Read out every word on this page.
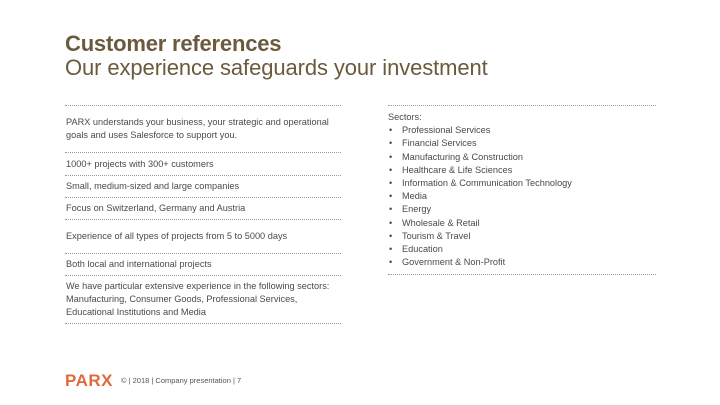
Customer references
Our experience safeguards your investment
PARX understands your business, your strategic and operational goals and uses Salesforce to support you.
1000+ projects with 300+ customers
Small, medium-sized and large companies
Focus on Switzerland, Germany and Austria
Experience of all types of projects from 5 to 5000 days
Both local and international projects
We have particular extensive experience in the following sectors: Manufacturing, Consumer Goods, Professional Services, Educational Institutions and Media
Sectors:
• Professional Services
• Financial Services
• Manufacturing & Construction
• Healthcare & Life Sciences
• Information & Communication Technology
• Media
• Energy
• Wholesale & Retail
• Tourism & Travel
• Education
• Government & Non-Profit
PARX © | 2018 | Company presentation | 7
